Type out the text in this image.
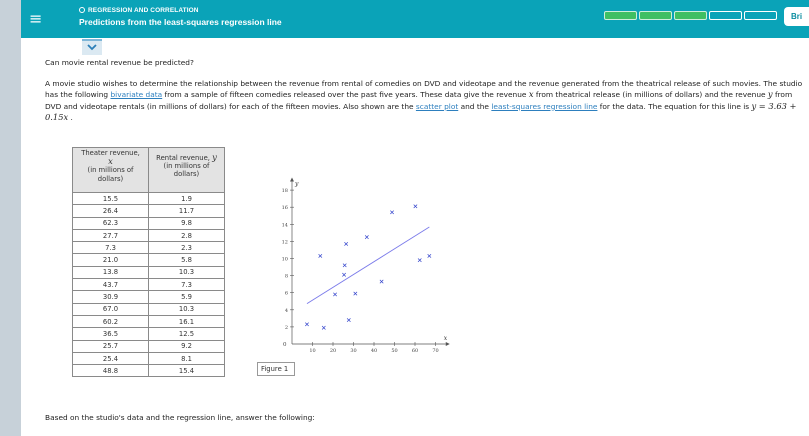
≡	REGRESSION AND CORRELATION
Predictions from the least-squares regression line
Bri
Can movie rental revenue be predicted?
A movie studio wishes to determine the relationship between the revenue from rental of comedies on DVD and videotape and the revenue generated from the theatrical release of such movies. The studio has the following bivariate data from a sample of fifteen comedies released over the past five years. These data give the revenue x from theatrical release (in millions of dollars) and the revenue y from DVD and videotape rentals (in millions of dollars) for each of the fifteen movies. Also shown are the scatter plot and the least-squares regression line for the data. The equation for this line is y = 3.63 + 0.15x .
Theater revenue,
x
(in millions of
dollars)	Rental revenue, y
(in millions of
dollars)
15.5	1.9
26.4	11.7
62.3	9.8
27.7	2.8
7.3	2.3
21.0	5.8
13.8	10.3
43.7	7.3
30.9	5.9
67.0	10.3
60.2	16.1
36.5	12.5
25.7	9.2
25.4	8.1
48.8	15.4
x
y
0
10	20	30	40	50	60	70
2
4
6
8
10
12
14
16
18
Figure 1
Based on the studio's data and the regression line, answer the following:
